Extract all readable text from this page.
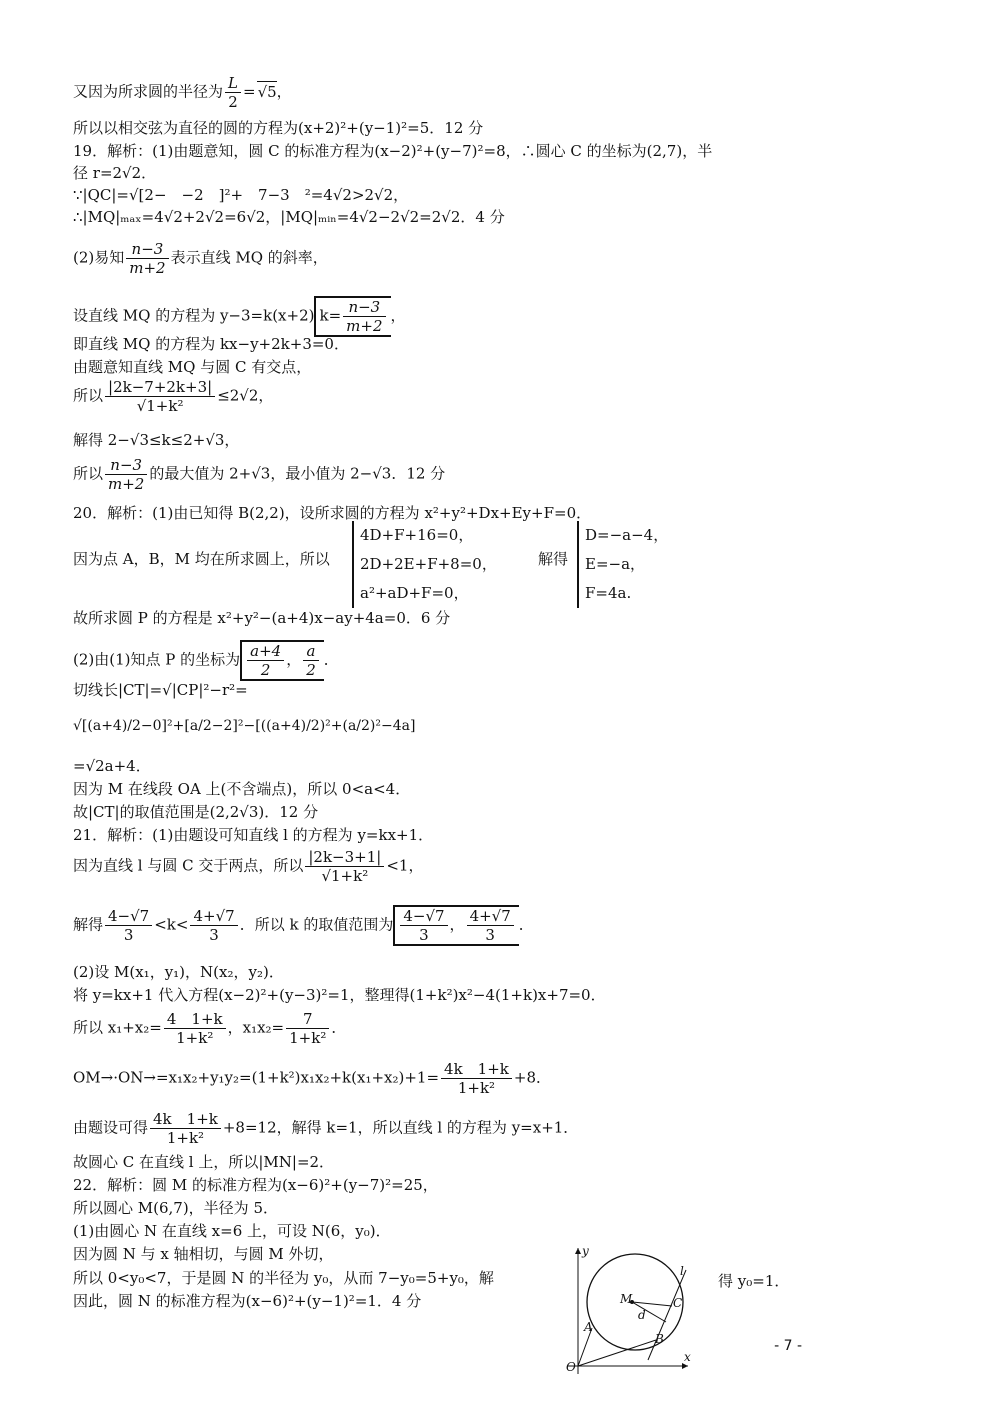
又因为所求圆的半径为 $\frac{L}{2}$ =√ 5，
所以以相交弦为直径的圆的方程为(x+2)²+(y−1)²=5．12 分
19．解析：(1)由题意知，圆 C 的标准方程为(x−2)²+(y−7)²=8，∴圆心 C 的坐标为(2,7)，半
径 r=2√2．
∵|QC|=√[2−　−2　]²+　7−3　²=4√2>2√2，
∴|MQ|ₘₐₓ=4√2+2√2=6√2，|MQ|ₘᵢₙ=4√2−2√2=2√2．4 分
(2)易知 $\frac{n-3}{m+2}$ 表示直线 MQ 的斜率，
设直线 MQ 的方程为 y−3=k(x+2) $k= \frac{n-3}{m+2}$ ，
即直线 MQ 的方程为 kx−y+2k+3=0．
由题意知直线 MQ 与圆 C 有交点，
所以 $\frac{|2k-7+2k+3|}{\text{√1+k²}} \le 2√2$，
解得 2−√3≤k≤2+√3，
所以 $\frac{n-3}{m+2}$ 的最大值为 2+√3，最小值为 2−√3．12 分
20．解析：(1)由已知得 B(2,2)，设所求圆的方程为 x²+y²+Dx+Ey+F=0．
因为点 A，B，M 均在所求圆上，所以
4D+F+16=0，
2D+2E+F+8=0，
a²+aD+F=0，
解得
D=−a−4，
E=−a，
F=4a.
故所求圆 P 的方程是 x²+y²−(a+4)x−ay+4a=0．6 分
(2)由(1)知点 P 的坐标为 $\frac{a+4}{2}$ ， $\frac{a}{2}$ ．
切线长|CT|=√|CP|²−r²=
√[(a+4)/2−0]²+[a/2−2]²−[((a+4)/2)²+(a/2)²−4a]
=√2a+4．
因为 M 在线段 OA 上(不含端点)，所以 0<a<4．
故|CT|的取值范围是(2,2√3)．12 分
21．解析：(1)由题设可知直线 l 的方程为 y=kx+1．
因为直线 l 与圆 C 交于两点，所以 $\frac{|2k-3+1|}{\text{√1+k²}} <1$，
解得 $\frac{4-√7}{3} <k< \frac{4+√7}{3}$ ．所以 k 的取值范围为 $\frac{4-√7}{3}$ ， $\frac{4+√7}{3}$ ．
(2)设 M(x₁，y₁)，N(x₂，y₂)．
将 y=kx+1 代入方程(x−2)²+(y−3)²=1，整理得(1+k²)x²−4(1+k)x+7=0．
所以 $x_1+x_2= \frac{4 1+k}{\text{1+k²}}$ ，$x_1x_2= \frac{7}{\text{1+k²}}$ ．
$OM\to\cdot ON\to=x_1x_2+y_1y_2=(1+k^2)x_1x_2+k(x_1+x_2)+1= \frac{4k 1+k}{\text{1+k²}} +8$．
由题设可得 $\frac{4k 1+k}{\text{1+k²}} +8=12$，解得 k=1，所以直线 l 的方程为 y=x+1．
故圆心 C 在直线 l 上，所以|MN|=2．
22．解析：圆 M 的标准方程为(x−6)²+(y−7)²=25，
所以圆心 M(6,7)，半径为 5．
(1)由圆心 N 在直线 x=6 上，可设 N(6，y₀)．
因为圆 N 与 x 轴相切，与圆 M 外切，
所以 0<y₀<7，于是圆 N 的半径为 y₀，从而 7−y₀=5+y₀，解
因此，圆 N 的标准方程为(x−6)²+(y−1)²=1．4 分
得 y₀=1．
y
x
O
M	C
A
B
d
l
- 7 -
